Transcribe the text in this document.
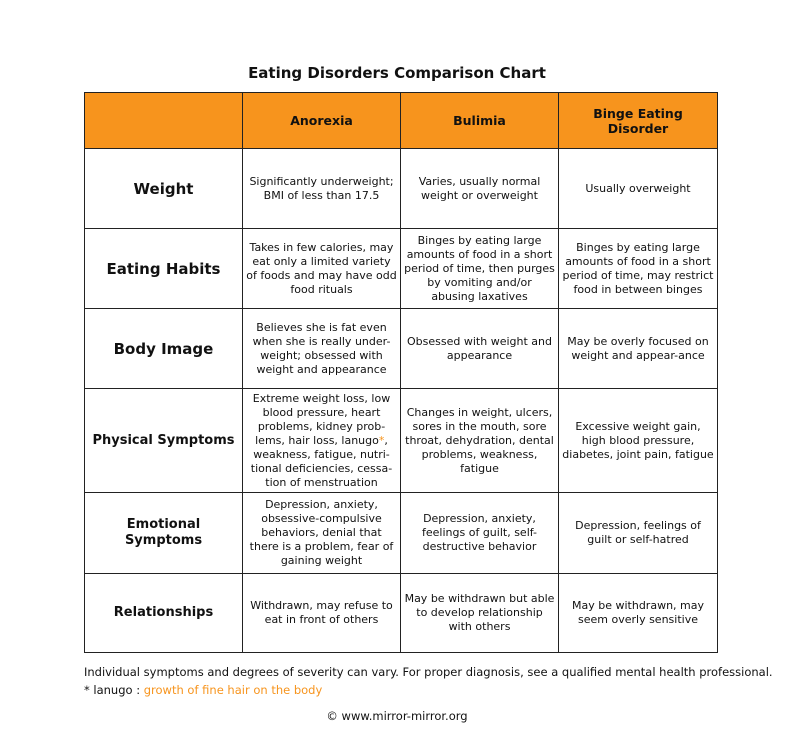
Eating Disorders Comparison Chart
	Anorexia	Bulimia	Binge Eating Disorder
Weight	Significantly underweight; BMI of less than 17.5	Varies, usually normal weight or overweight	Usually overweight
Eating Habits	Takes in few calories, may eat only a limited variety of foods and may have odd food rituals	Binges by eating large amounts of food in a short period of time, then purges by vomiting and/or abusing laxatives	Binges by eating large amounts of food in a short period of time, may restrict food in between binges
Body Image	Believes she is fat even when she is really under-weight; obsessed with weight and appearance	Obsessed with weight and appearance	May be overly focused on weight and appear-ance
Physical Symptoms	Extreme weight loss, low blood pressure, heart problems, kidney prob-lems, hair loss, lanugo*, weakness, fatigue, nutri-tional deficiencies, cessa-tion of menstruation	Changes in weight, ulcers, sores in the mouth, sore throat, dehydration, dental problems, weakness, fatigue	Excessive weight gain, high blood pressure, diabetes, joint pain, fatigue
Emotional Symptoms	Depression, anxiety, obsessive-compulsive behaviors, denial that there is a problem, fear of gaining weight	Depression, anxiety, feelings of guilt, self-destructive behavior	Depression, feelings of guilt or self-hatred
Relationships	Withdrawn, may refuse to eat in front of others	May be withdrawn but able to develop relationship with others	May be withdrawn, may seem overly sensitive
Individual symptoms and degrees of severity can vary. For proper diagnosis, see a qualified mental health professional.
* lanugo : growth of fine hair on the body
© www.mirror-mirror.org
